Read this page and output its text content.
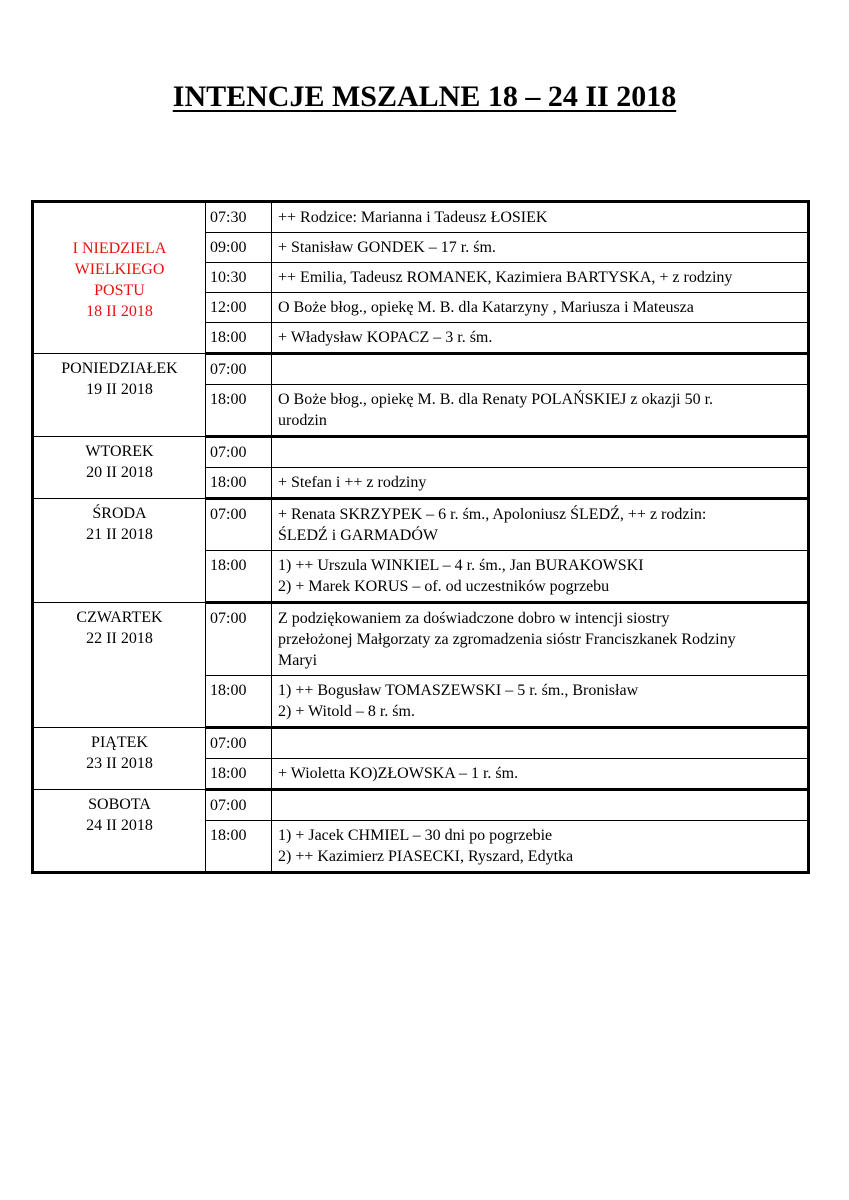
INTENCJE MSZALNE 18 – 24 II 2018
I NIEDZIELA
WIELKIEGO
POSTU
18 II 2018	07:30	++ Rodzice: Marianna i Tadeusz ŁOSIEK

	09:00	+ Stanisław GONDEK – 17 r. śm.

	10:30	++ Emilia, Tadeusz ROMANEK, Kazimiera BARTYSKA, + z rodziny

	12:00	O Boże błog., opiekę M. B. dla Katarzyny , Mariusza i Mateusza

	18:00	+ Władysław KOPACZ – 3 r. śm.

PONIEDZIAŁEK
19 II 2018	07:00	

	18:00	O Boże błog., opiekę M. B. dla Renaty POLAŃSKIEJ z okazji 50 r.
urodzin

WTOREK
20 II 2018	07:00	

	18:00	+ Stefan i ++ z rodziny

ŚRODA
21 II 2018	07:00	+ Renata SKRZYPEK – 6 r. śm., Apoloniusz ŚLEDŹ, ++ z rodzin:
ŚLEDŹ i GARMADÓW

	18:00	1) ++ Urszula WINKIEL – 4 r. śm., Jan BURAKOWSKI
2) + Marek KORUS – of. od uczestników pogrzebu

CZWARTEK
22 II 2018	07:00	Z podziękowaniem za doświadczone dobro w intencji siostry
przełożonej Małgorzaty za zgromadzenia sióstr Franciszkanek Rodziny
Maryi

	18:00	1) ++ Bogusław TOMASZEWSKI – 5 r. śm., Bronisław
2) + Witold – 8 r. śm.

PIĄTEK
23 II 2018	07:00	

	18:00	+ Wioletta KO)ZŁOWSKA – 1 r. śm.

SOBOTA
24 II 2018	07:00	

	18:00	1) + Jacek CHMIEL – 30 dni po pogrzebie
2) ++ Kazimierz PIASECKI, Ryszard, Edytka
